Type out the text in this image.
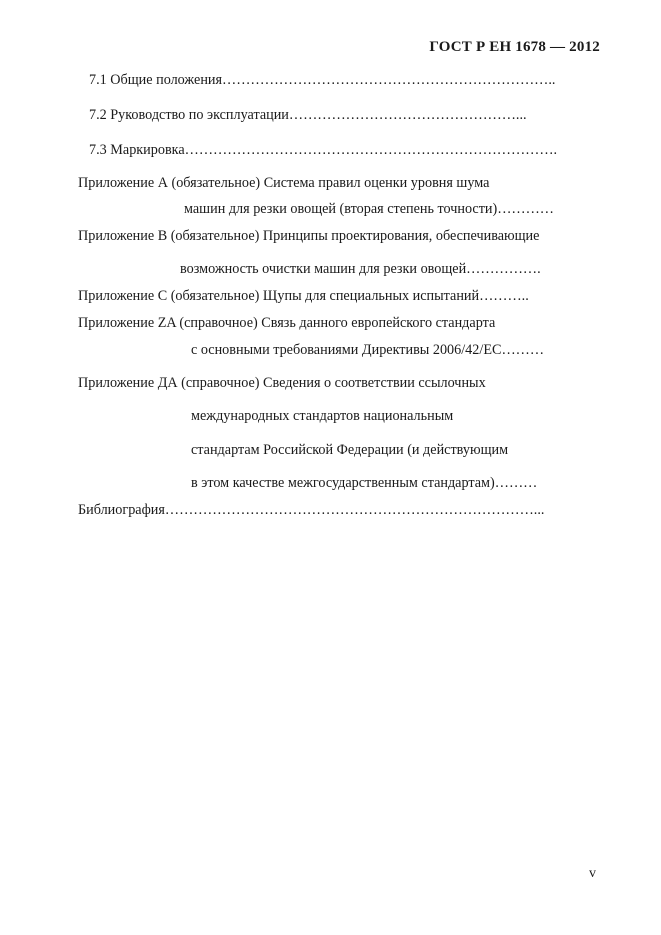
ГОСТ Р ЕН 1678 — 2012
7.1 Общие положения……………………………………………………………..
7.2 Руководство по эксплуатации…………………………………………...
7.3 Маркировка…………………………………………………………………….
Приложение А (обязательное) Система правил оценки уровня шума
машин для резки овощей (вторая степень точности)…………
Приложение В (обязательное) Принципы проектирования, обеспечивающие
возможность очистки машин для резки овощей…………….
Приложение С (обязательное) Щупы для специальных испытаний………..
Приложение ZA (справочное) Связь данного европейского стандарта
с основными требованиями Директивы 2006/42/ЕС………
Приложение ДА (справочное) Сведения о соответствии ссылочных
международных стандартов национальным
стандартам Российской Федерации (и действующим
в этом качестве межгосударственным стандартам)………
Библиография……………………………………………………………………...
v
